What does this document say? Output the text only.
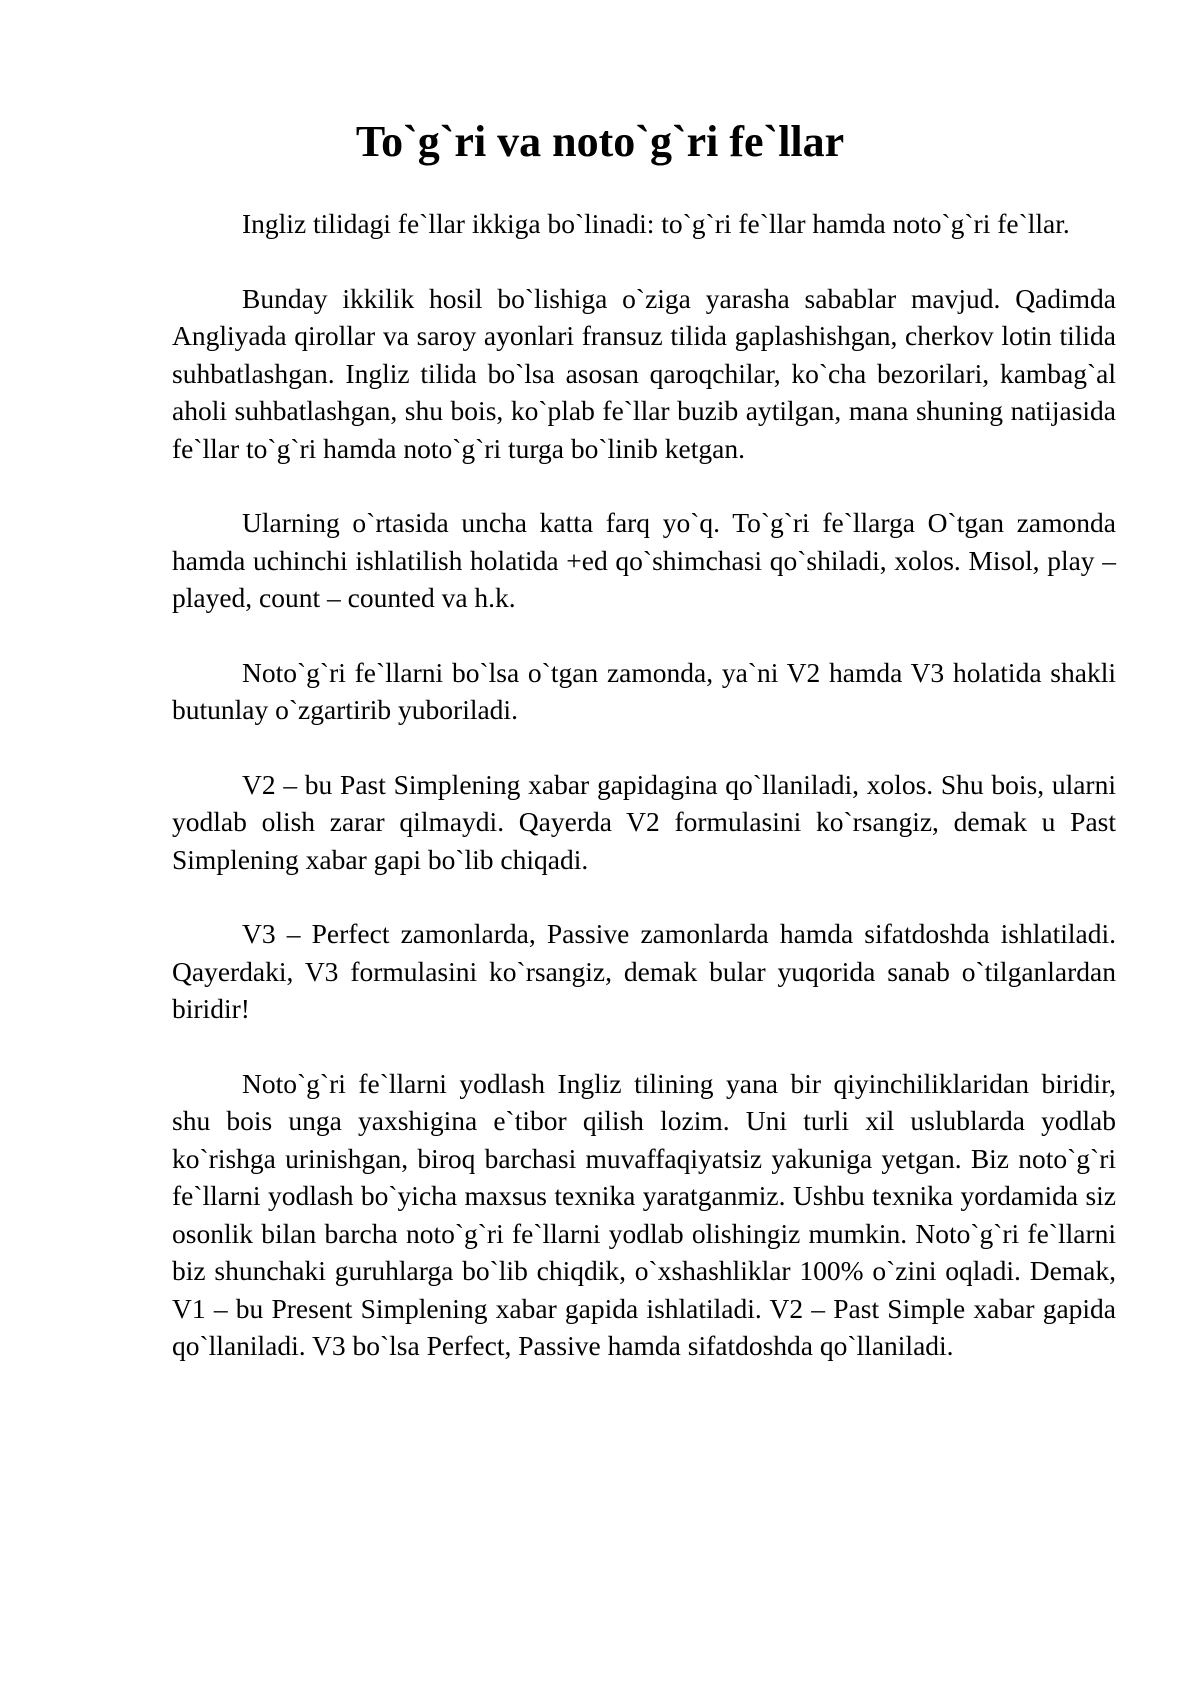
To`g`ri va noto`g`ri fe`llar

Ingliz tilidagi fe`llar ikkiga bo`linadi: to`g`ri fe`llar hamda noto`g`ri fe`llar.

Bunday ikkilik hosil bo`lishiga o`ziga yarasha sabablar mavjud. Qadimda Angliyada qirollar va saroy ayonlari fransuz tilida gaplashishgan, cherkov lotin tilida suhbatlashgan. Ingliz tilida bo`lsa asosan qaroqchilar, ko`cha bezorilari, kambag`al aholi suhbatlashgan, shu bois, ko`plab fe`llar buzib aytilgan, mana shuning natijasida fe`llar to`g`ri hamda noto`g`ri turga bo`linib ketgan.

Ularning o`rtasida uncha katta farq yo`q. To`g`ri fe`llarga O`tgan zamonda hamda uchinchi ishlatilish holatida +ed qo`shimchasi qo`shiladi, xolos. Misol, play – played, count – counted va h.k.

Noto`g`ri fe`llarni bo`lsa o`tgan zamonda, ya`ni V2 hamda V3 holatida shakli butunlay o`zgartirib yuboriladi.

V2 – bu Past Simplening xabar gapidagina qo`llaniladi, xolos. Shu bois, ularni yodlab olish zarar qilmaydi. Qayerda V2 formulasini ko`rsangiz, demak u Past Simplening xabar gapi bo`lib chiqadi.

V3 – Perfect zamonlarda, Passive zamonlarda hamda sifatdoshda ishlatiladi. Qayerdaki, V3 formulasini ko`rsangiz, demak bular yuqorida sanab o`tilganlardan biridir!

Noto`g`ri fe`llarni yodlash Ingliz tilining yana bir qiyinchiliklaridan biridir, shu bois unga yaxshigina e`tibor qilish lozim. Uni turli xil uslublarda yodlab ko`rishga urinishgan, biroq barchasi muvaffaqiyatsiz yakuniga yetgan. Biz noto`g`ri fe`llarni yodlash bo`yicha maxsus texnika yaratganmiz. Ushbu texnika yordamida siz osonlik bilan barcha noto`g`ri fe`llarni yodlab olishingiz mumkin. Noto`g`ri fe`llarni biz shunchaki guruhlarga bo`lib chiqdik, o`xshashliklar 100% o`zini oqladi. Demak, V1 – bu Present Simplening xabar gapida ishlatiladi. V2 – Past Simple xabar gapida qo`llaniladi. V3 bo`lsa Perfect, Passive hamda sifatdoshda qo`llaniladi.
